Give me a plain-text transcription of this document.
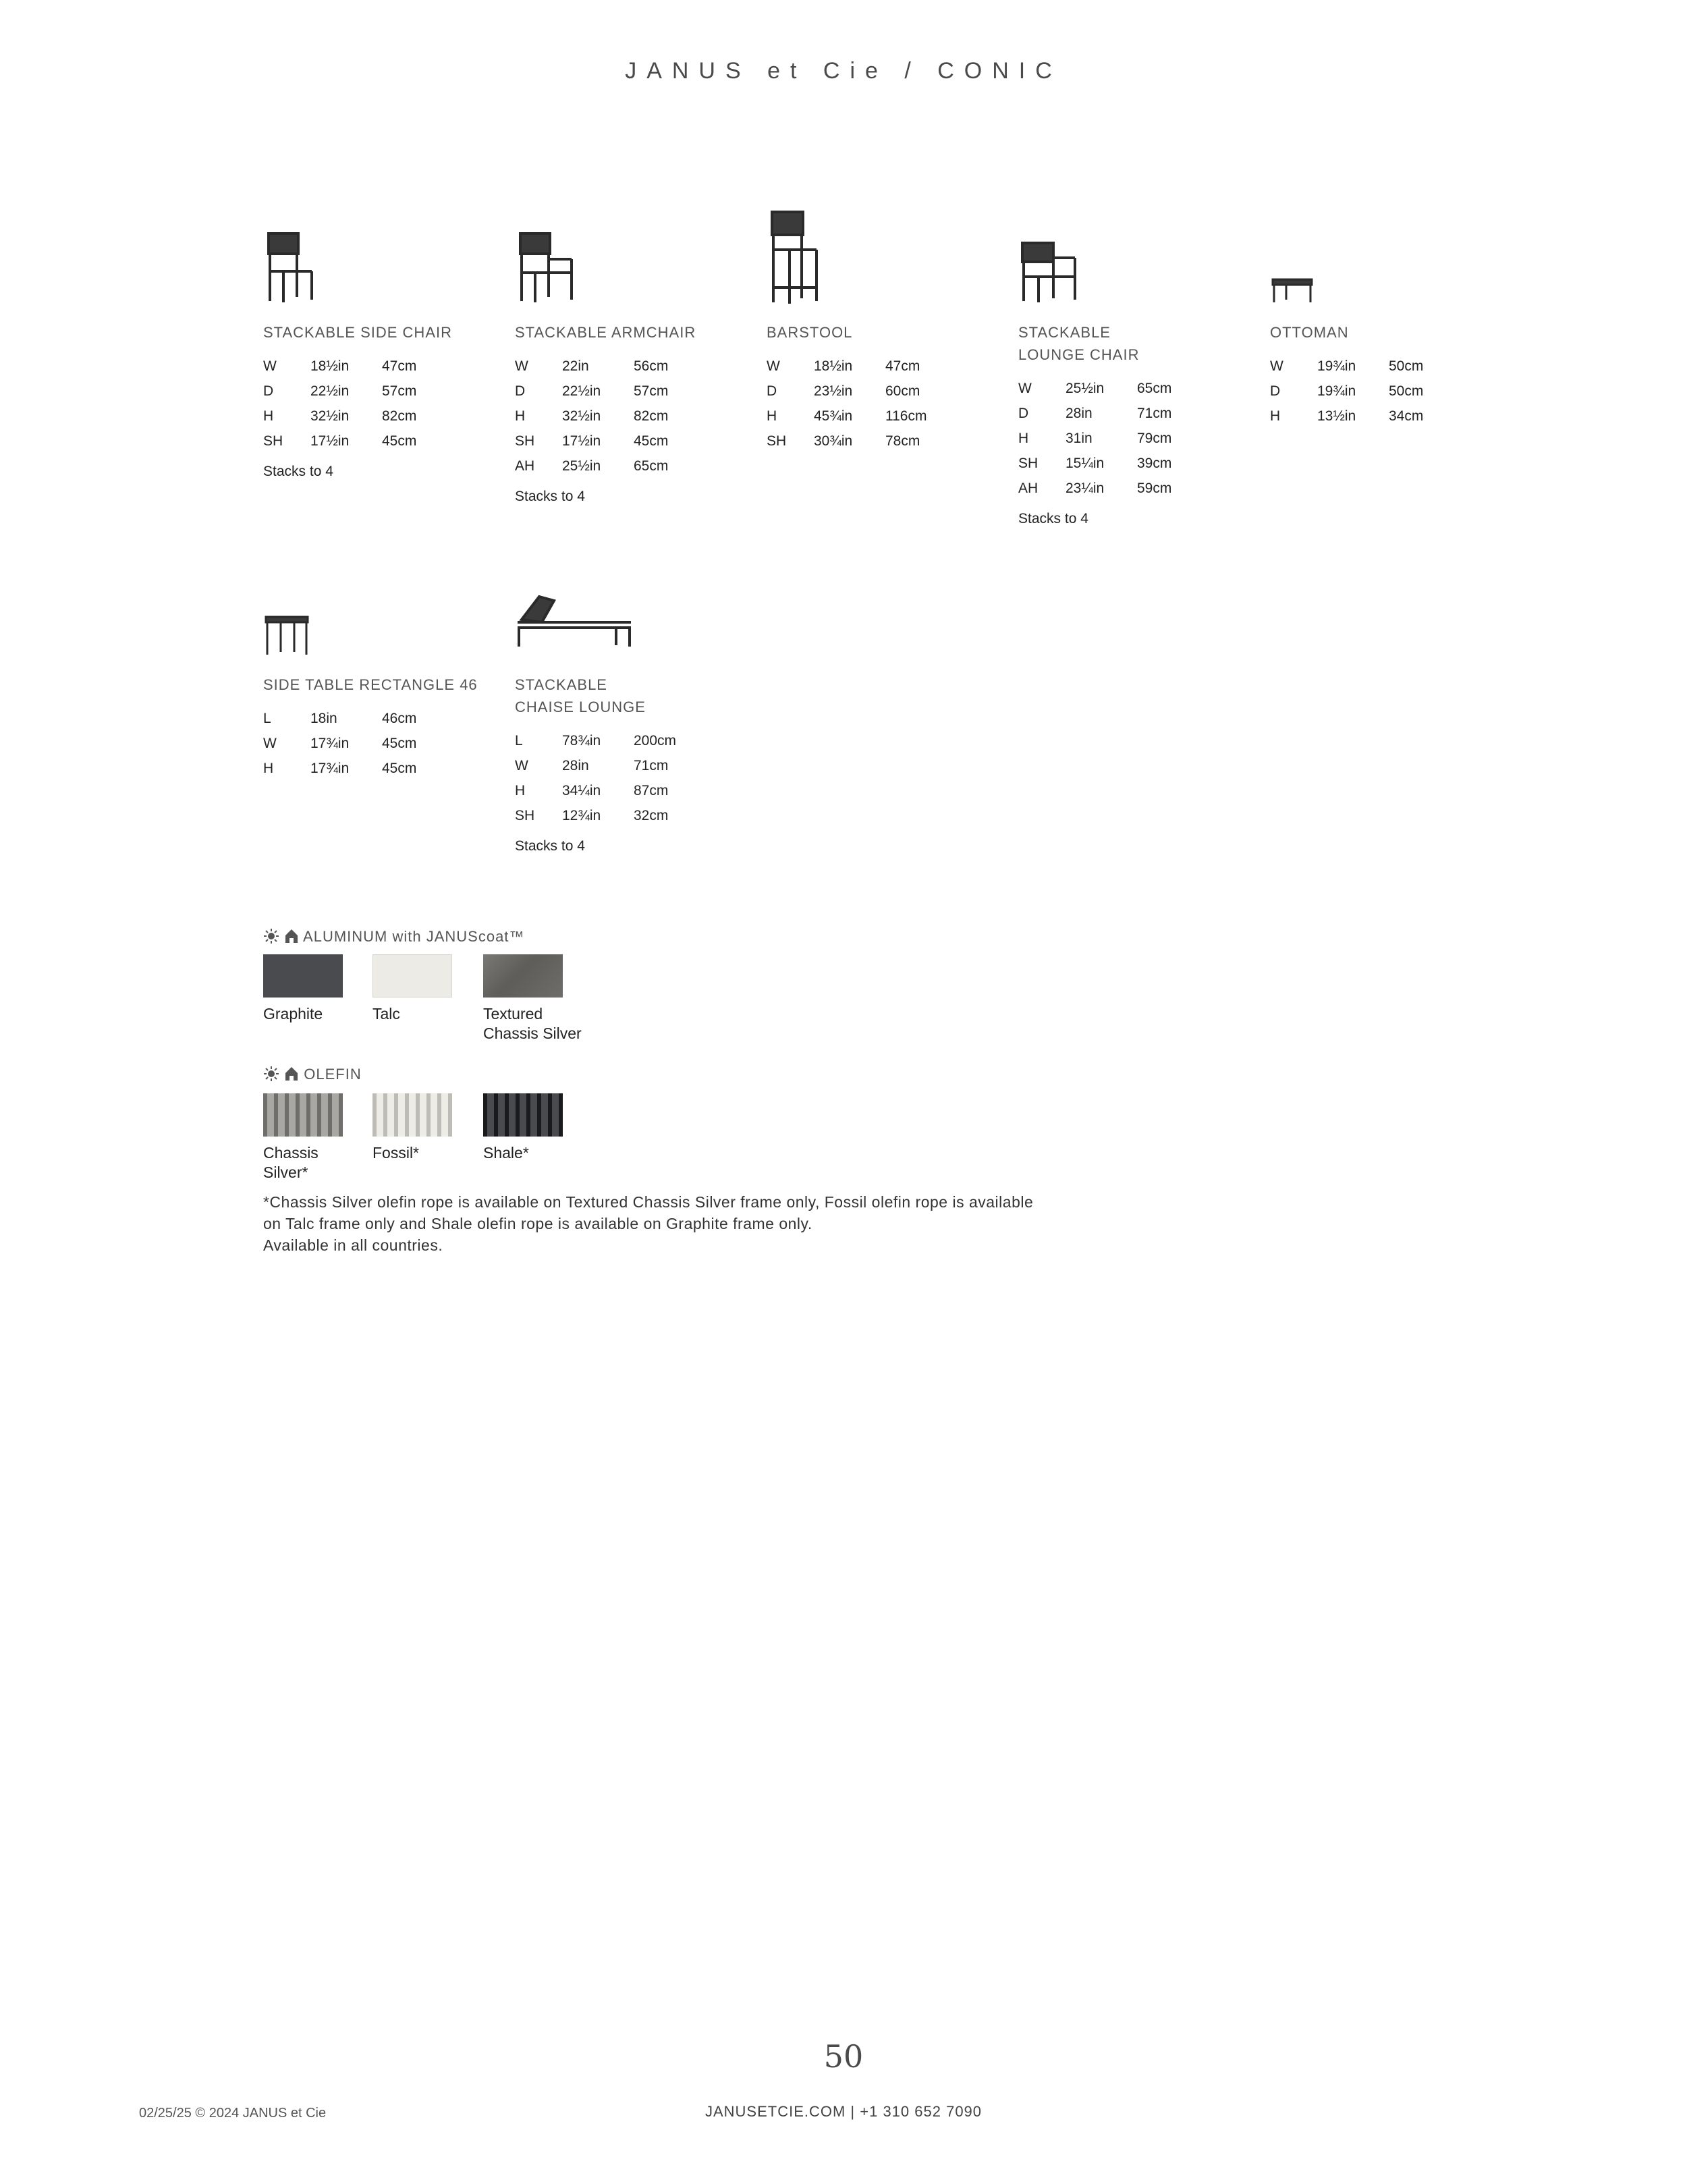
JANUS et Cie / CONIC
STACKABLE SIDE CHAIR
W 18½in 47cm
D	22½in 57cm
H	32½in 82cm
SH 17½in 45cm
Stacks to 4
STACKABLE ARMCHAIR
W 22in	56cm
D	22½in 57cm
H	32½in 82cm
SH 17½in 45cm
AH 25½in 65cm
Stacks to 4
BARSTOOL
W 18½in 47cm
D	23½in 60cm
H	45¾in 116cm
SH 30¾in 78cm
STACKABLE LOUNGE CHAIR
W 25½in 65cm
D	28in	71cm
H	31in	79cm
SH 15¼in 39cm
AH 23¼in 59cm
Stacks to 4
OTTOMAN
W 19¾in 50cm
D	19¾in 50cm
H	13½in 34cm
SIDE TABLE RECTANGLE 46
L	18in	46cm
W 17¾in 45cm
H	17¾in 45cm
STACKABLE CHAISE LOUNGE
L	78¾in 200cm
W 28in	71cm
H	34¼in 87cm
SH 12¾in 32cm
Stacks to 4
ALUMINUM with JANUScoat™
Graphite	Talc	Textured Chassis Silver
OLEFIN
Chassis Silver*
Fossil*	Shale*
*Chassis Silver olefin rope is available on Textured Chassis Silver frame only, Fossil olefin rope is available
on Talc frame only and Shale olefin rope is available on Graphite frame only.
Available in all countries.
50
02/25/25 © 2024 JANUS et Cie	JANUSETCIE.COM | +1 310 652 7090
